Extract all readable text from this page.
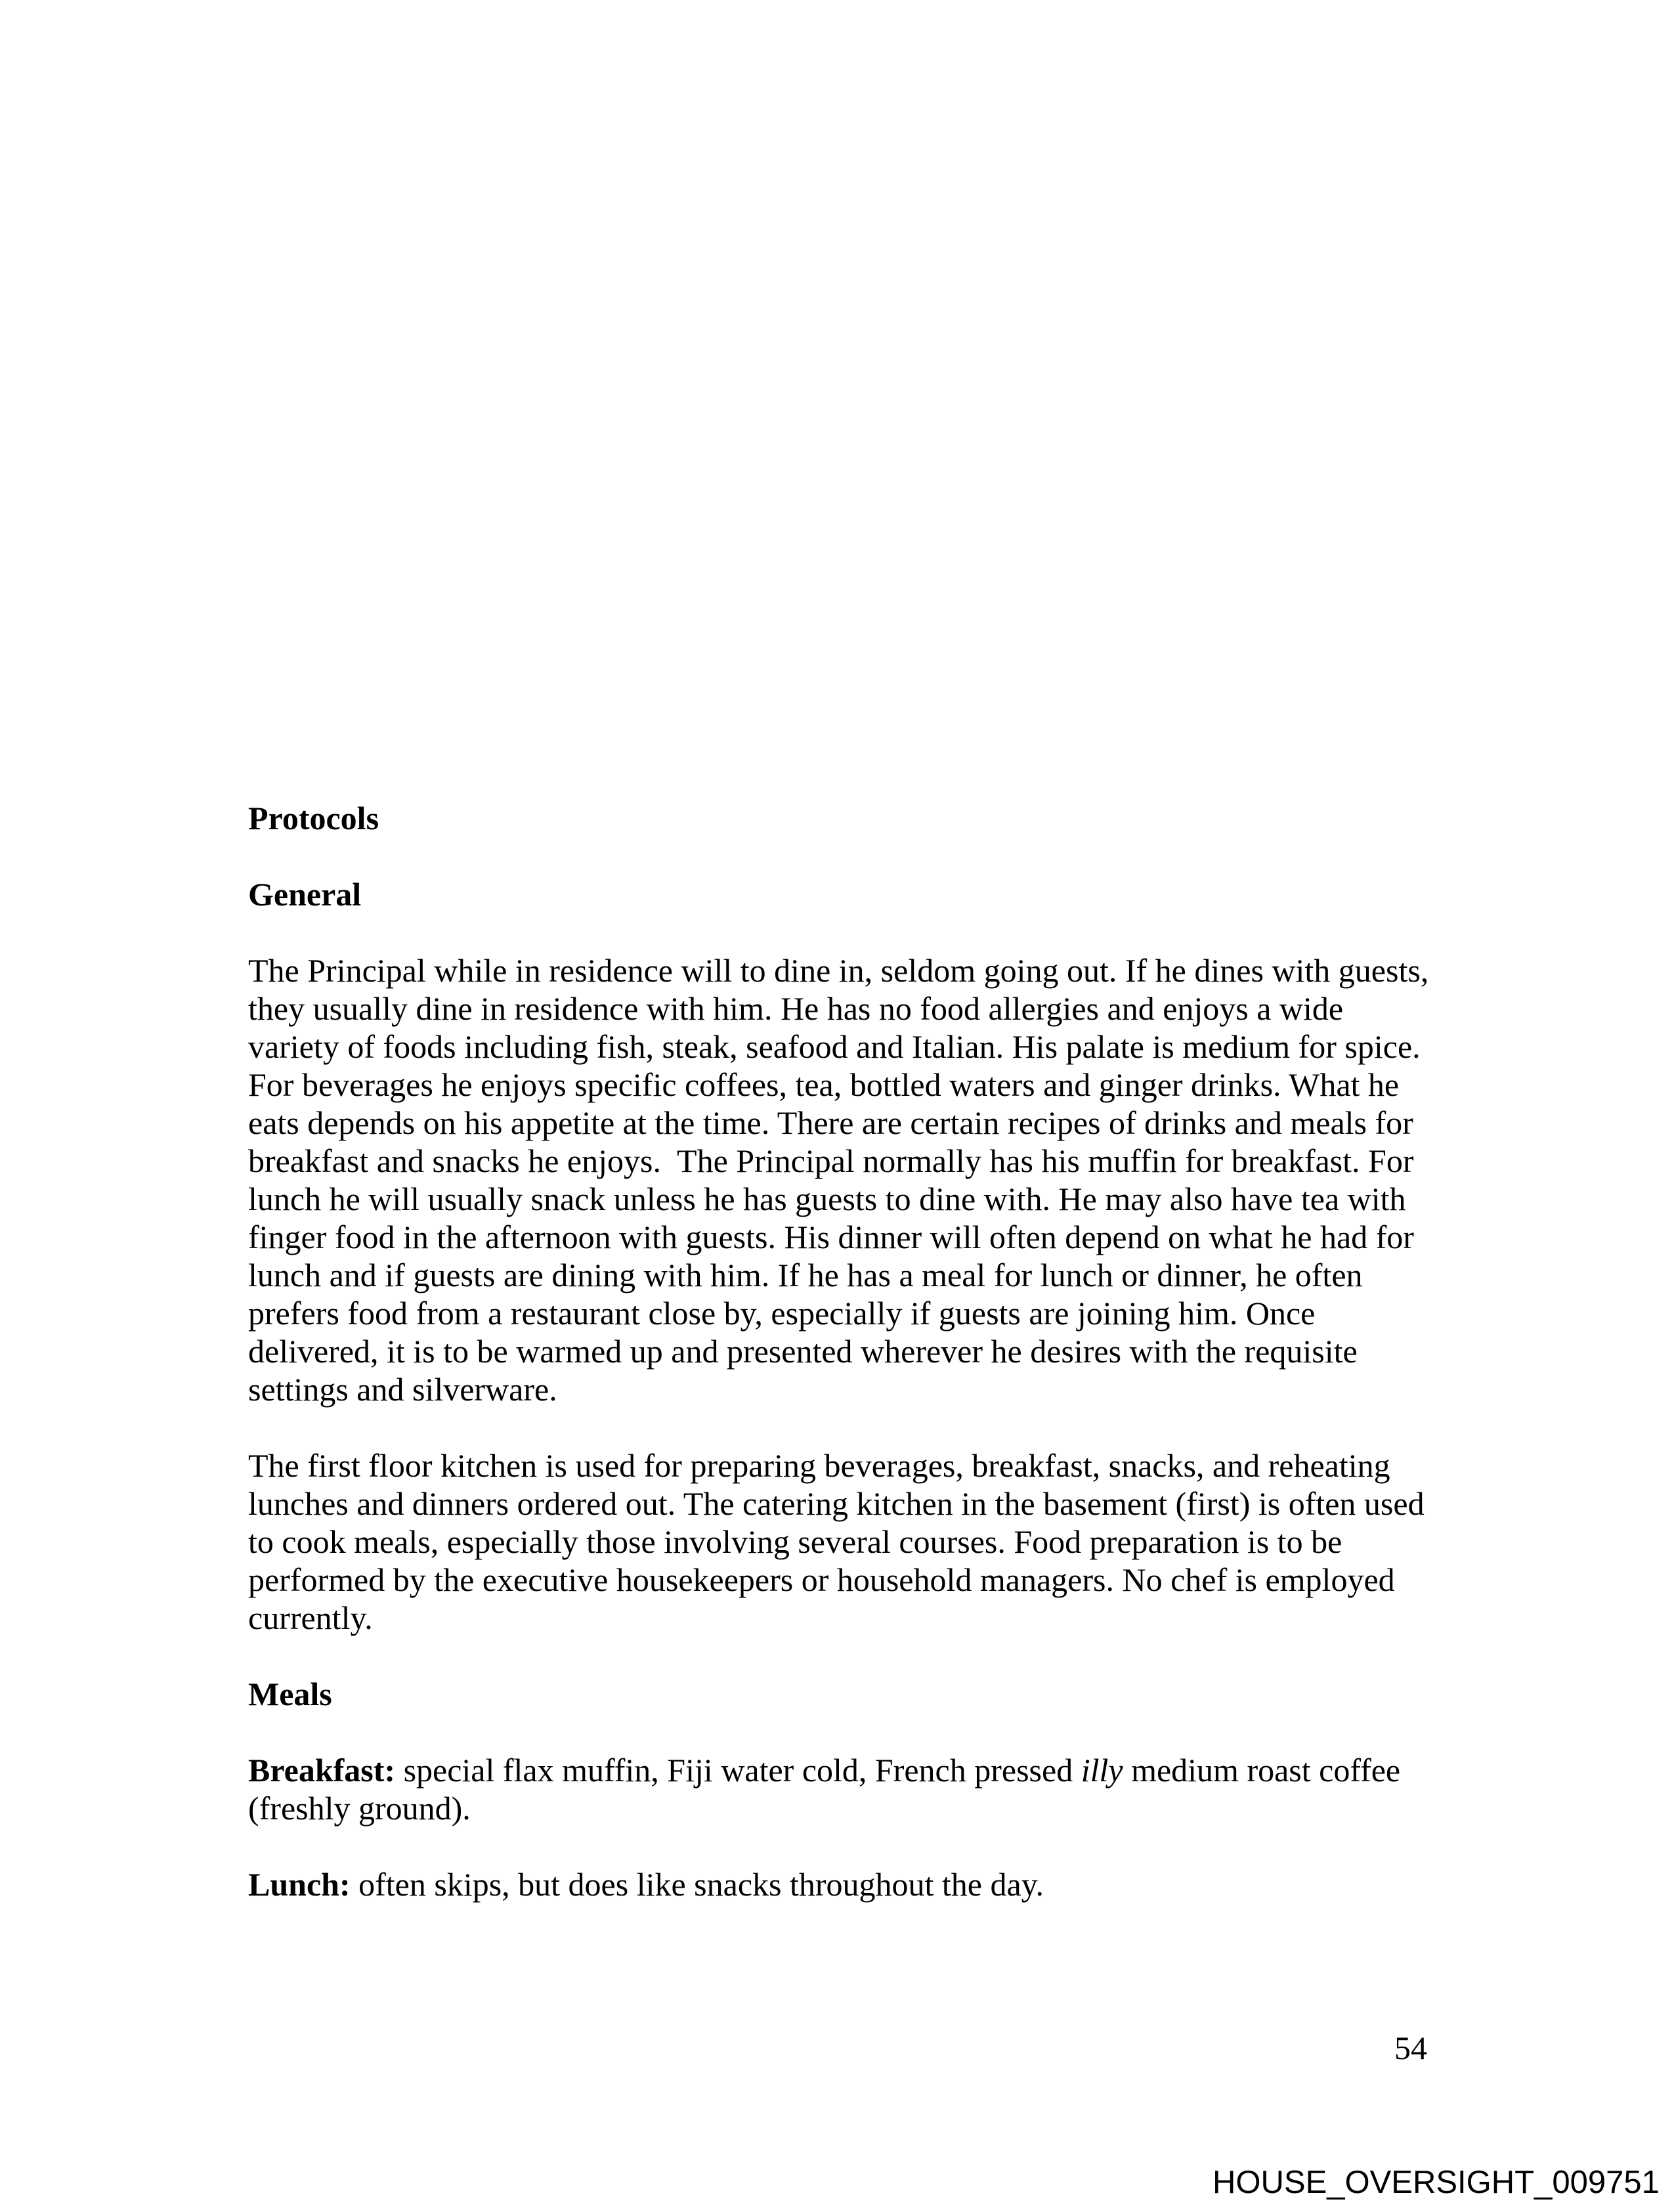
Protocols
General
The Principal while in residence will to dine in, seldom going out. If he dines with guests,
they usually dine in residence with him. He has no food allergies and enjoys a wide
variety of foods including fish, steak, seafood and Italian. His palate is medium for spice.
For beverages he enjoys specific coffees, tea, bottled waters and ginger drinks. What he
eats depends on his appetite at the time. There are certain recipes of drinks and meals for
breakfast and snacks he enjoys.  The Principal normally has his muffin for breakfast. For
lunch he will usually snack unless he has guests to dine with. He may also have tea with
finger food in the afternoon with guests. His dinner will often depend on what he had for
lunch and if guests are dining with him. If he has a meal for lunch or dinner, he often
prefers food from a restaurant close by, especially if guests are joining him. Once
delivered, it is to be warmed up and presented wherever he desires with the requisite
settings and silverware.
The first floor kitchen is used for preparing beverages, breakfast, snacks, and reheating
lunches and dinners ordered out. The catering kitchen in the basement (first) is often used
to cook meals, especially those involving several courses. Food preparation is to be
performed by the executive housekeepers or household managers. No chef is employed
currently.
Meals
Breakfast: special flax muffin, Fiji water cold, French pressed illy medium roast coffee
(freshly ground).
Lunch: often skips, but does like snacks throughout the day.
54
HOUSE_OVERSIGHT_009751
